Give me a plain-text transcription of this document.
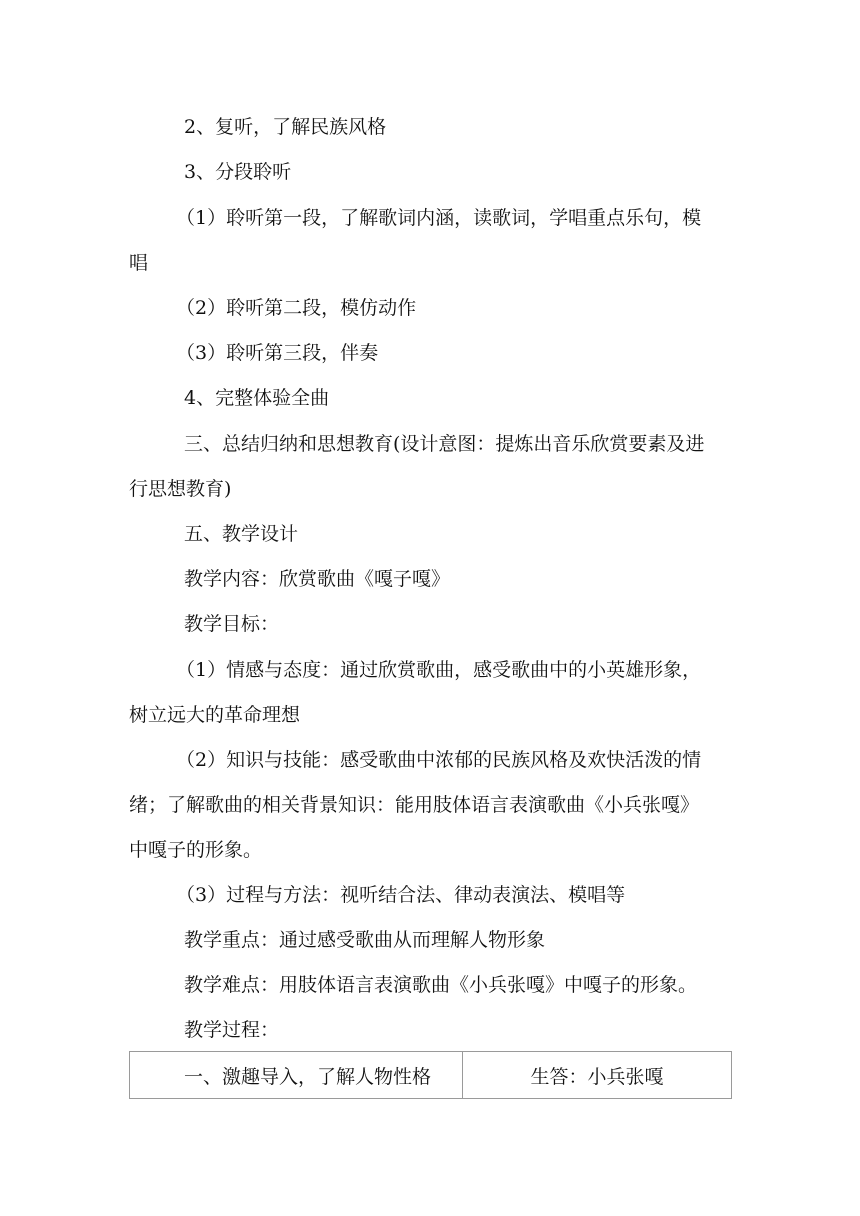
2、复听，了解民族风格
3、分段聆听
（1）聆听第一段，了解歌词内涵，读歌词，学唱重点乐句，模
唱
（2）聆听第二段，模仿动作
（3）聆听第三段，伴奏
4、完整体验全曲
三、总结归纳和思想教育(设计意图：提炼出音乐欣赏要素及进
行思想教育)
五、教学设计
教学内容：欣赏歌曲《嘎子嘎》
教学目标：
（1）情感与态度：通过欣赏歌曲，感受歌曲中的小英雄形象，
树立远大的革命理想
（2）知识与技能：感受歌曲中浓郁的民族风格及欢快活泼的情
绪；了解歌曲的相关背景知识：能用肢体语言表演歌曲《小兵张嘎》
中嘎子的形象。
（3）过程与方法：视听结合法、律动表演法、模唱等
教学重点：通过感受歌曲从而理解人物形象
教学难点：用肢体语言表演歌曲《小兵张嘎》中嘎子的形象。
教学过程：
一、激趣导入，了解人物性格	生答：小兵张嘎
